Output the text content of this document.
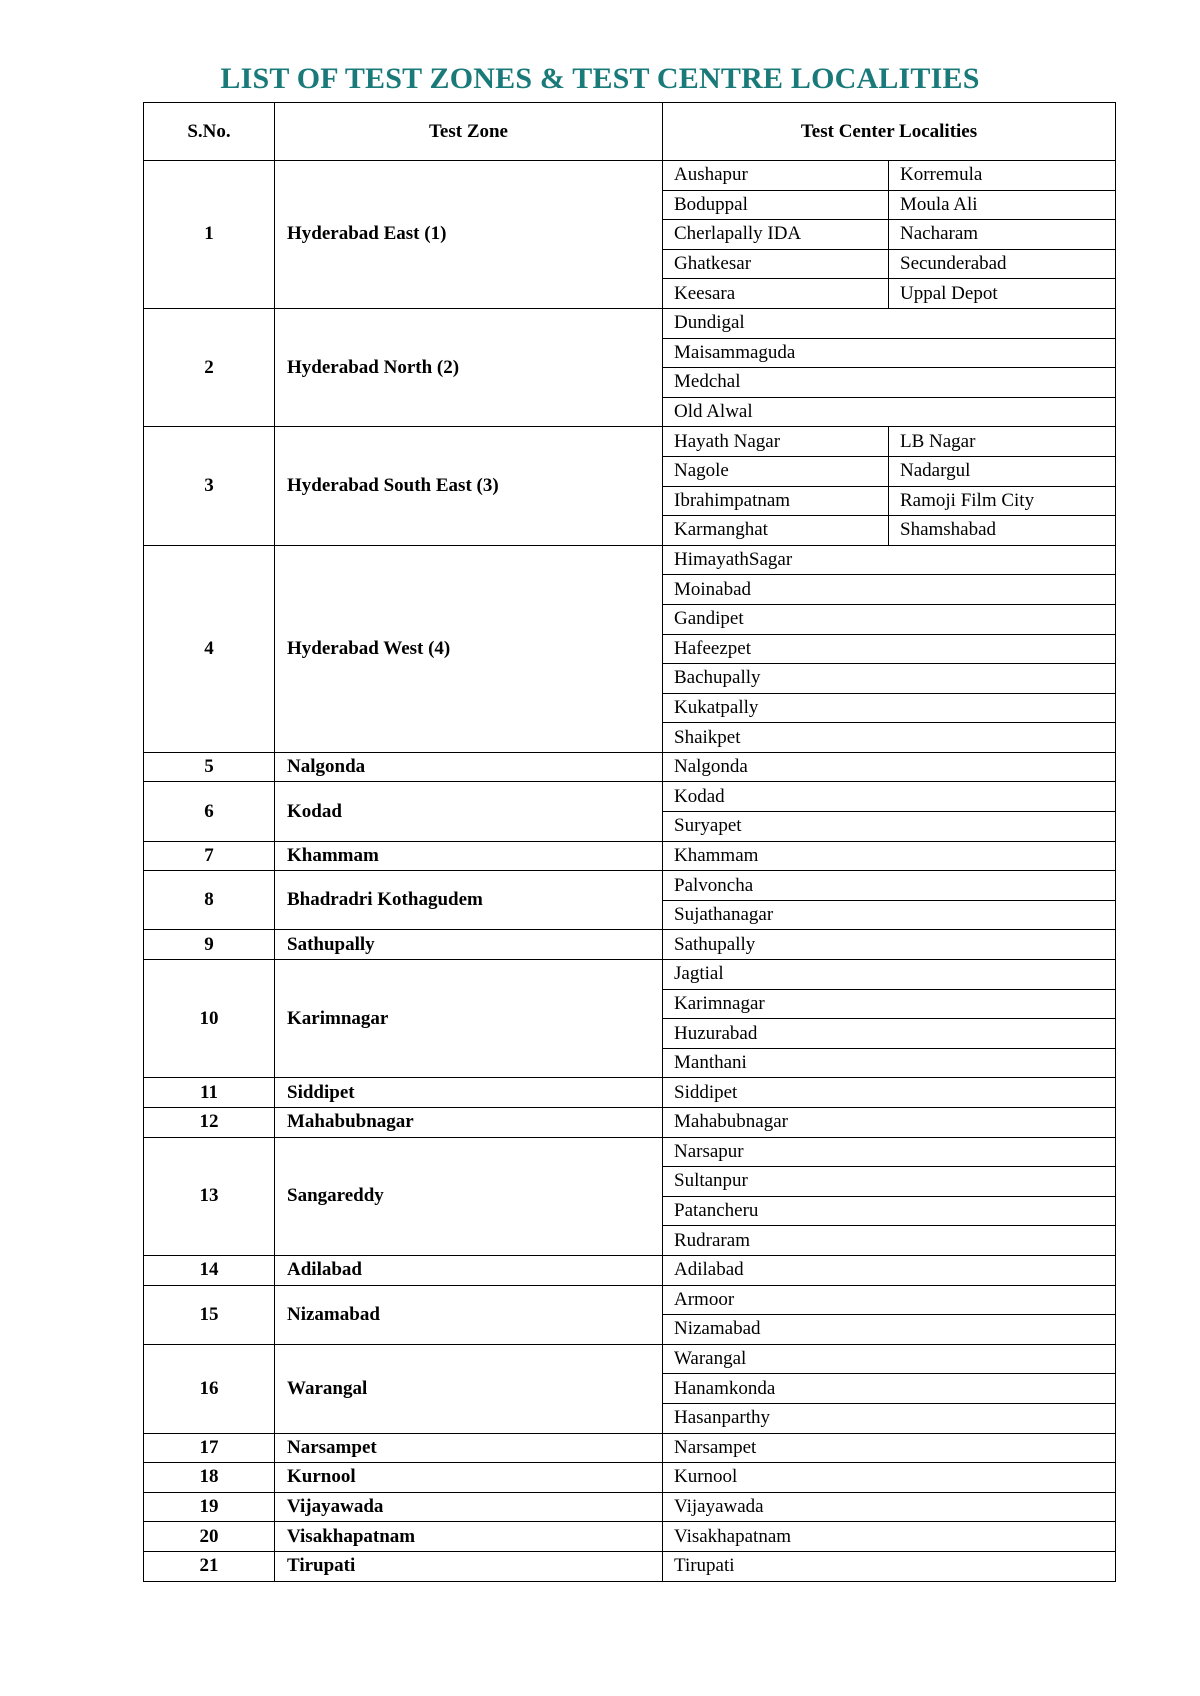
LIST OF TEST ZONES & TEST CENTRE LOCALITIES
S.No.	Test Zone	Test Center Localities	
1	Hyderabad East (1)	Aushapur	Korremula
		Boduppal	Moula Ali
		Cherlapally IDA	Nacharam
		Ghatkesar	Secunderabad
		Keesara	Uppal Depot
2	Hyderabad North (2)	Dundigal	
		Maisammaguda	
		Medchal	
		Old Alwal	
3	Hyderabad South East (3)	Hayath Nagar	LB Nagar
		Nagole	Nadargul
		Ibrahimpatnam	Ramoji Film City
		Karmanghat	Shamshabad
4	Hyderabad West (4)	HimayathSagar	
		Moinabad	
		Gandipet	
		Hafeezpet	
		Bachupally	
		Kukatpally	
		Shaikpet	
5	Nalgonda	Nalgonda	
6	Kodad	Kodad	
		Suryapet	
7	Khammam	Khammam	
8	Bhadradri Kothagudem	Palvoncha	
		Sujathanagar	
9	Sathupally	Sathupally	
10	Karimnagar	Jagtial	
		Karimnagar	
		Huzurabad	
		Manthani	
11	Siddipet	Siddipet	
12	Mahabubnagar	Mahabubnagar	
13	Sangareddy	Narsapur	
		Sultanpur	
		Patancheru	
		Rudraram	
14	Adilabad	Adilabad	
15	Nizamabad	Armoor	
		Nizamabad	
16	Warangal	Warangal	
		Hanamkonda	
		Hasanparthy	
17	Narsampet	Narsampet	
18	Kurnool	Kurnool	
19	Vijayawada	Vijayawada	
20	Visakhapatnam	Visakhapatnam	
21	Tirupati	Tirupati	
